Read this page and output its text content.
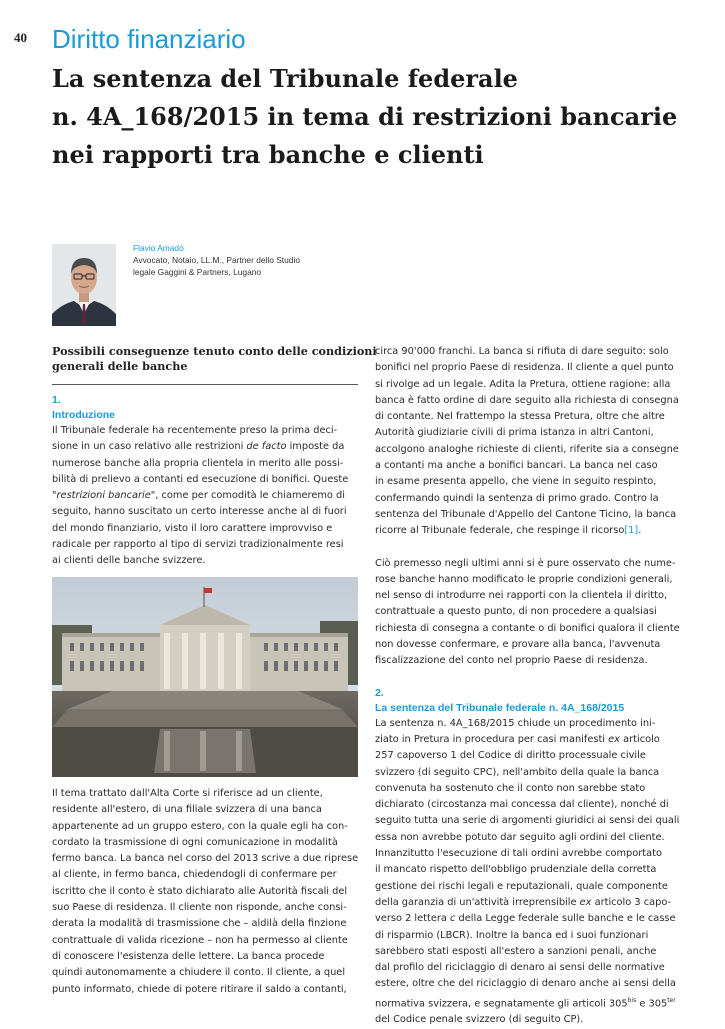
40 Diritto finanziario
La sentenza del Tribunale federale
n. 4A_168/2015 in tema di restrizioni bancarie
nei rapporti tra banche e clienti
Flavio Amadò
Avvocato, Notaio, LL.M., Partner dello Studio
legale Gaggini & Partners, Lugano
Possibili conseguenze tenuto conto delle condizioni
generali delle banche
1.
Introduzione
Il Tribunale federale ha recentemente preso la prima deci-
sione in un caso relativo alle restrizioni de facto imposte da
numerose banche alla propria clientela in merito alle possi-
bilità di prelievo a contanti ed esecuzione di bonifici. Queste
"restrizioni bancarie", come per comodità le chiameremo di
seguito, hanno suscitato un certo interesse anche al di fuori
del mondo finanziario, visto il loro carattere improvviso e
radicale per rapporto al tipo di servizi tradizionalmente resi
ai clienti delle banche svizzere.
Il tema trattato dall'Alta Corte si riferisce ad un cliente,
residente all'estero, di una filiale svizzera di una banca
appartenente ad un gruppo estero, con la quale egli ha con-
cordato la trasmissione di ogni comunicazione in modalità
fermo banca. La banca nel corso del 2013 scrive a due riprese
al cliente, in fermo banca, chiedendogli di confermare per
iscritto che il conto è stato dichiarato alle Autorità fiscali del
suo Paese di residenza. Il cliente non risponde, anche consi-
derata la modalità di trasmissione che – aldilà della finzione
contrattuale di valida ricezione – non ha permesso al cliente
di conoscere l'esistenza delle lettere. La banca procede
quindi autonomamente a chiudere il conto. Il cliente, a quel
punto informato, chiede di potere ritirare il saldo a contanti,
circa 90'000 franchi. La banca si rifiuta di dare seguito: solo
bonifici nel proprio Paese di residenza. Il cliente a quel punto
si rivolge ad un legale. Adita la Pretura, ottiene ragione: alla
banca è fatto ordine di dare seguito alla richiesta di consegna
di contante. Nel frattempo la stessa Pretura, oltre che altre
Autorità giudiziarie civili di prima istanza in altri Cantoni,
accolgono analoghe richieste di clienti, riferite sia a consegne
a contanti ma anche a bonifici bancari. La banca nel caso
in esame presenta appello, che viene in seguito respinto,
confermando quindi la sentenza di primo grado. Contro la
sentenza del Tribunale d'Appello del Cantone Ticino, la banca
ricorre al Tribunale federale, che respinge il ricorso[1].
Ciò premesso negli ultimi anni si è pure osservato che nume-
rose banche hanno modificato le proprie condizioni generali,
nel senso di introdurre nei rapporti con la clientela il diritto,
contrattuale a questo punto, di non procedere a qualsiasi
richiesta di consegna a contante o di bonifici qualora il cliente
non dovesse confermare, e provare alla banca, l'avvenuta
fiscalizzazione del conto nel proprio Paese di residenza.
2.
La sentenza del Tribunale federale n. 4A_168/2015
La sentenza n. 4A_168/2015 chiude un procedimento ini-
ziato in Pretura in procedura per casi manifesti ex articolo
257 capoverso 1 del Codice di diritto processuale civile
svizzero (di seguito CPC), nell'ambito della quale la banca
convenuta ha sostenuto che il conto non sarebbe stato
dichiarato (circostanza mai concessa dal cliente), nonché di
seguito tutta una serie di argomenti giuridici ai sensi dei quali
essa non avrebbe potuto dar seguito agli ordini del cliente.
Innanzitutto l'esecuzione di tali ordini avrebbe comportato
il mancato rispetto dell'obbligo prudenziale della corretta
gestione dei rischi legali e reputazionali, quale componente
della garanzia di un'attività irreprensibile ex articolo 3 capo-
verso 2 lettera c della Legge federale sulle banche e le casse
di risparmio (LBCR). Inoltre la banca ed i suoi funzionari
sarebbero stati esposti all'estero a sanzioni penali, anche
dal profilo del riciclaggio di denaro ai sensi delle normative
estere, oltre che del riciclaggio di denaro anche ai sensi della
normativa svizzera, e segnatamente gli articoli $305^{bis}$ e $305^{ter}$
del Codice penale svizzero (di seguito CP).
